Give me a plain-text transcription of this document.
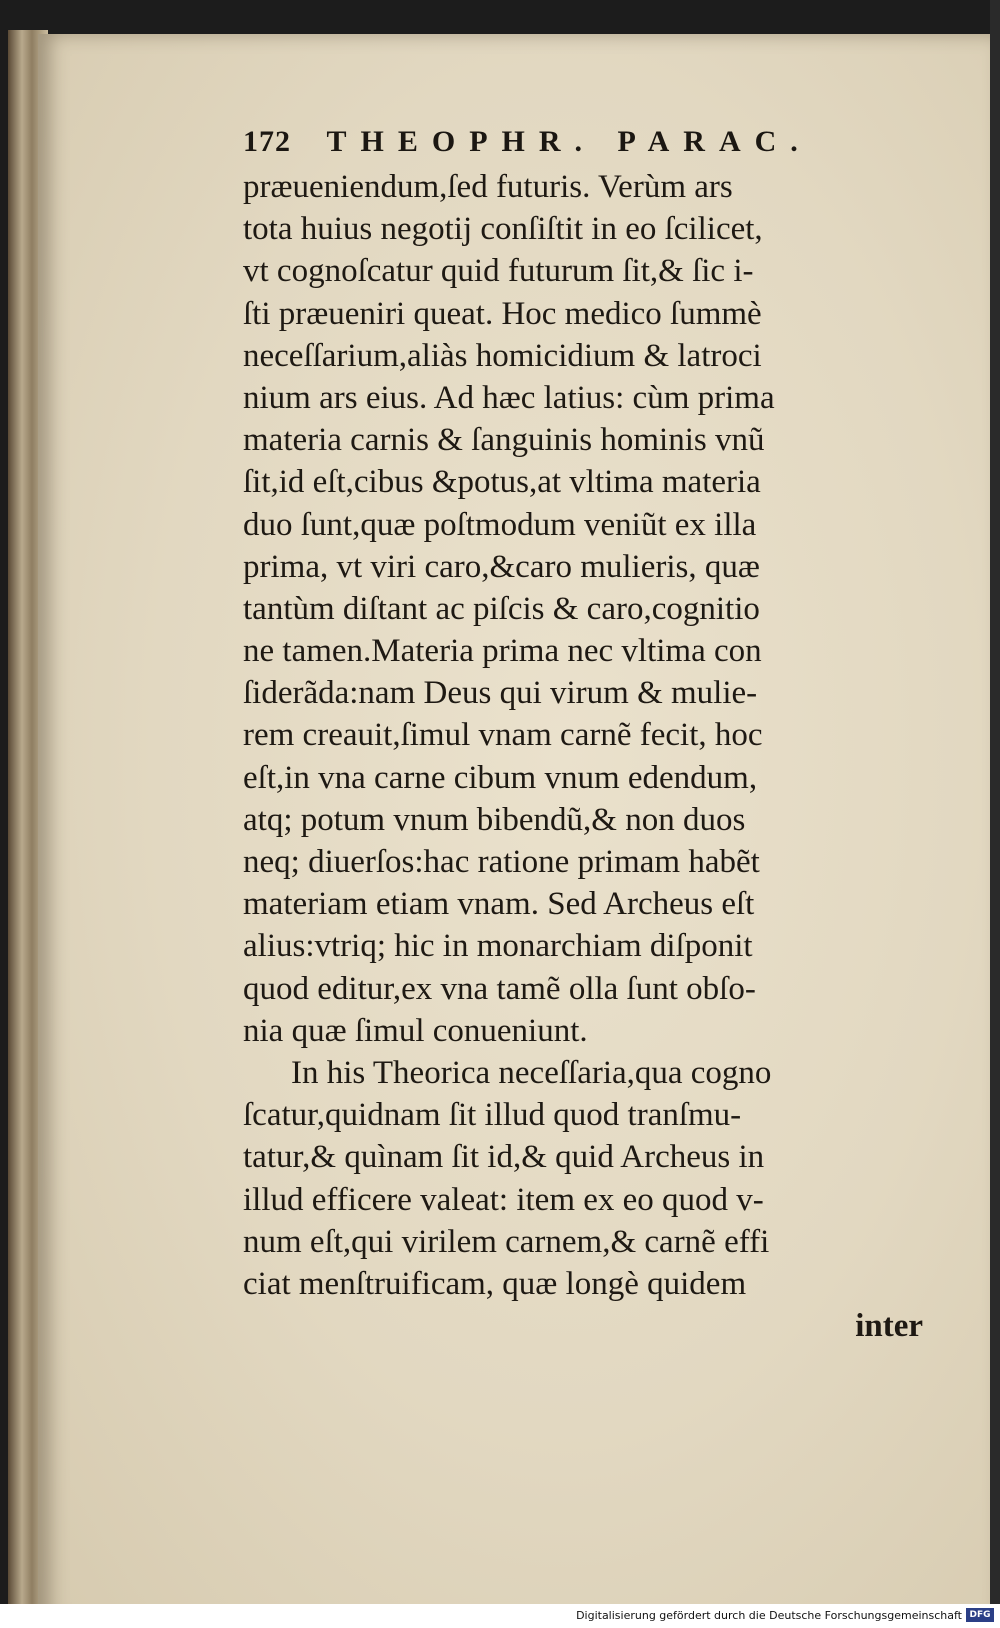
172 THEOPHR. PARAC.
præueniendum,ſed futuris. Verùm ars
tota huius negotij conſiſtit in eo ſcilicet,
vt cognoſcatur quid futurum ſit,& ſic i-
ſti præueniri queat. Hoc medico ſummè
neceſſarium,aliàs homicidium & latroci
nium ars eius. Ad hæc latius: cùm prima
materia carnis & ſanguinis hominis vnũ
ſit,id eſt,cibus &potus,at vltima materia
duo ſunt,quæ poſtmodum veniũt ex illa
prima, vt viri caro,&caro mulieris, quæ
tantùm diſtant ac piſcis & caro,cognitio
ne tamen.Materia prima nec vltima con
ſiderãda:nam Deus qui virum & mulie-
rem creauit,ſimul vnam carnẽ fecit, hoc
eſt,in vna carne cibum vnum edendum,
atq; potum vnum bibendũ,& non duos
neq; diuerſos:hac ratione primam habẽt
materiam etiam vnam. Sed Archeus eſt
alius:vtriq; hic in monarchiam diſponit
quod editur,ex vna tamẽ olla ſunt obſo-
nia quæ ſimul conueniunt.
In his Theorica neceſſaria,qua cogno
ſcatur,quidnam ſit illud quod tranſmu-
tatur,& quìnam ſit id,& quid Archeus in
illud efficere valeat: item ex eo quod v-
num eſt,qui virilem carnem,& carnẽ effi
ciat menſtruificam, quæ longè quidem
inter
Digitalisierung gefördert durch die Deutsche Forschungsgemeinschaft DFG
